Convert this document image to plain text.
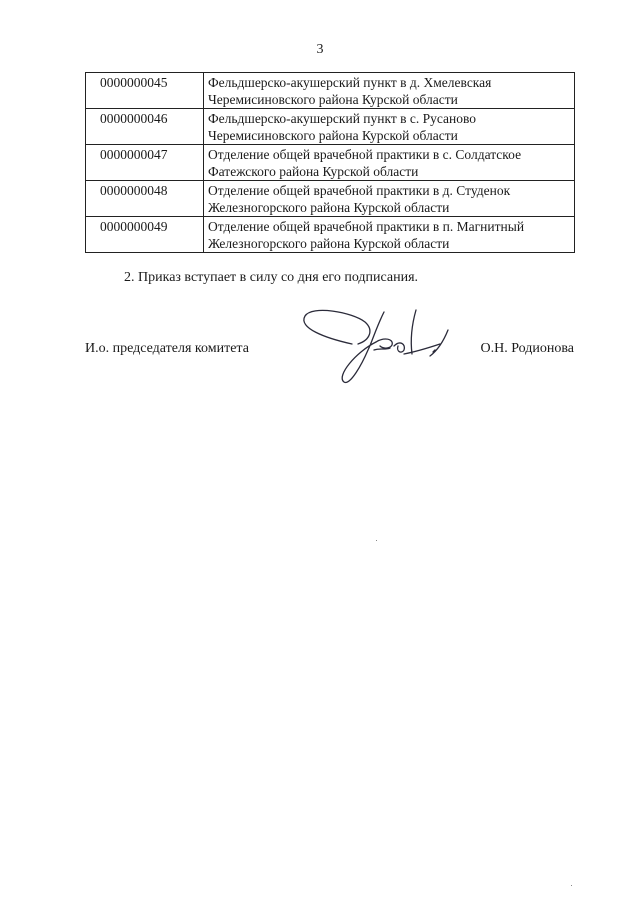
3
0000000045	Фельдшерско-акушерский пункт в д. Хмелевская
Черемисиновского района Курской области

0000000046	Фельдшерско-акушерский пункт в с. Русаново
Черемисиновского района Курской области

0000000047	Отделение общей врачебной практики в с. Солдатское
Фатежского района Курской области

0000000048	Отделение общей врачебной практики в д. Студенок
Железногорского района Курской области

0000000049	Отделение общей врачебной практики в п. Магнитный
Железногорского района Курской области
2. Приказ вступает в силу со дня его подписания.
И.о. председателя комитета	О.Н. Родионова
